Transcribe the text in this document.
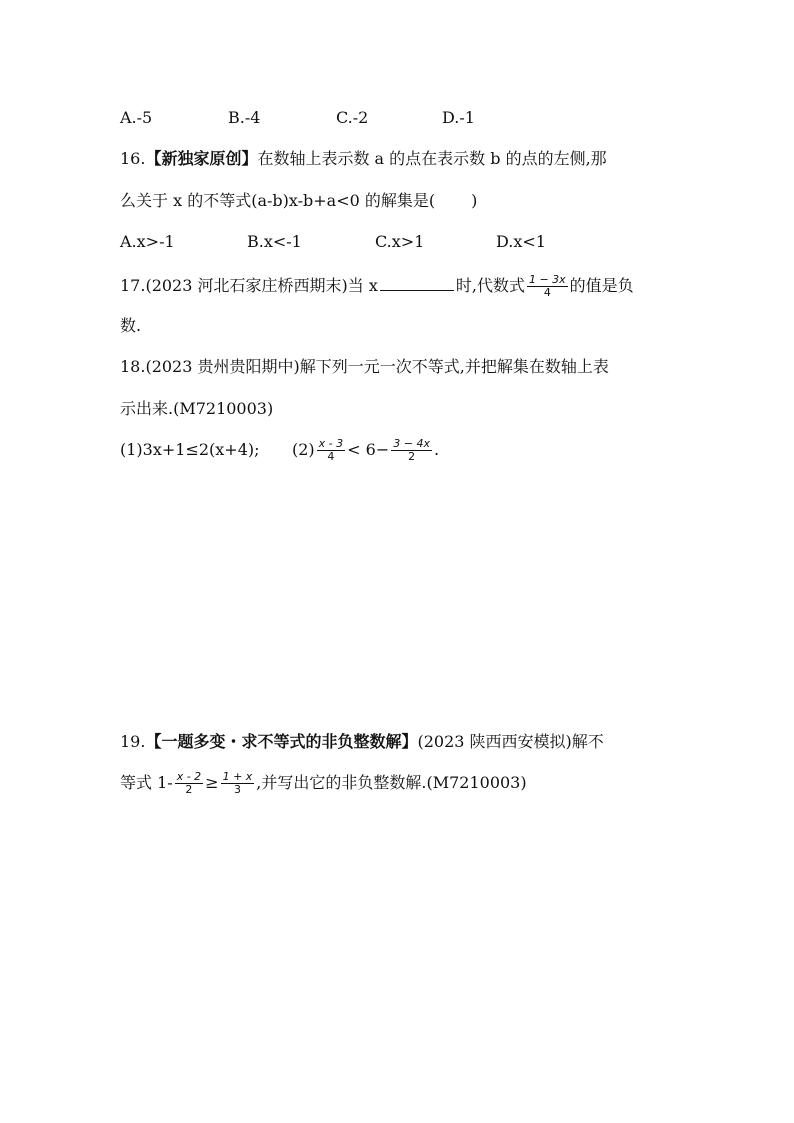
A.-5	B.-4	C.-2	D.-1
16.【新独家原创】在数轴上表示数 a 的点在表示数 b 的点的左侧,那
么关于 x 的不等式(a-b)x-b+a<0 的解集是( )
A.x>-1	B.x<-1	C.x>1	D.x<1
17.(2023 河北石家庄桥西期末)当 x	时,代数式 $\frac{1 - 3x}{4}$ 的值是负
数.
18.(2023 贵州贵阳期中)解下列一元一次不等式,并把解集在数轴上表
示出来.(M7210003)
(1)3x+1≤2(x+4); $(2) \frac{x - 3}{4} < 6- \frac{3 - 4x}{2}$ .
19.【一题多变・求不等式的非负整数解】(2023 陕西西安模拟)解不
等式 $1- \frac{x - 2}{2} \ge \frac{1 + x}{3}$ ,并写出它的非负整数解.(M7210003)
